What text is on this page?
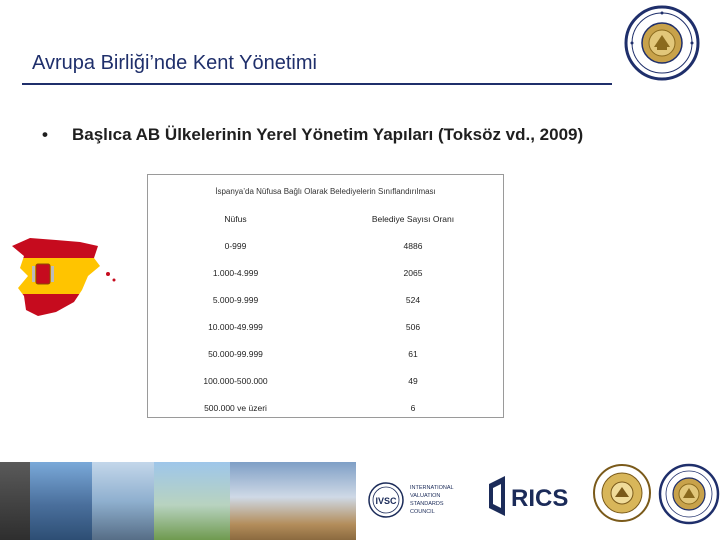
Avrupa Birliği’nde Kent Yönetimi
• Başlıca AB Ülkelerinin Yerel Yönetim Yapıları (Toksöz vd., 2009)
İspanya’da Nüfusa Bağlı Olarak Belediyelerin Sınıflandırılması
Nüfus	Belediye Sayısı Oranı
0-999	4886
1.000-4.999	2065
5.000-9.999	524
10.000-49.999	506
50.000-99.999	61
100.000-500.000	49
500.000 ve üzeri	6
IVSC
INTERNATIONAL
VALUATION
STANDARDS
COUNCIL	RICS
